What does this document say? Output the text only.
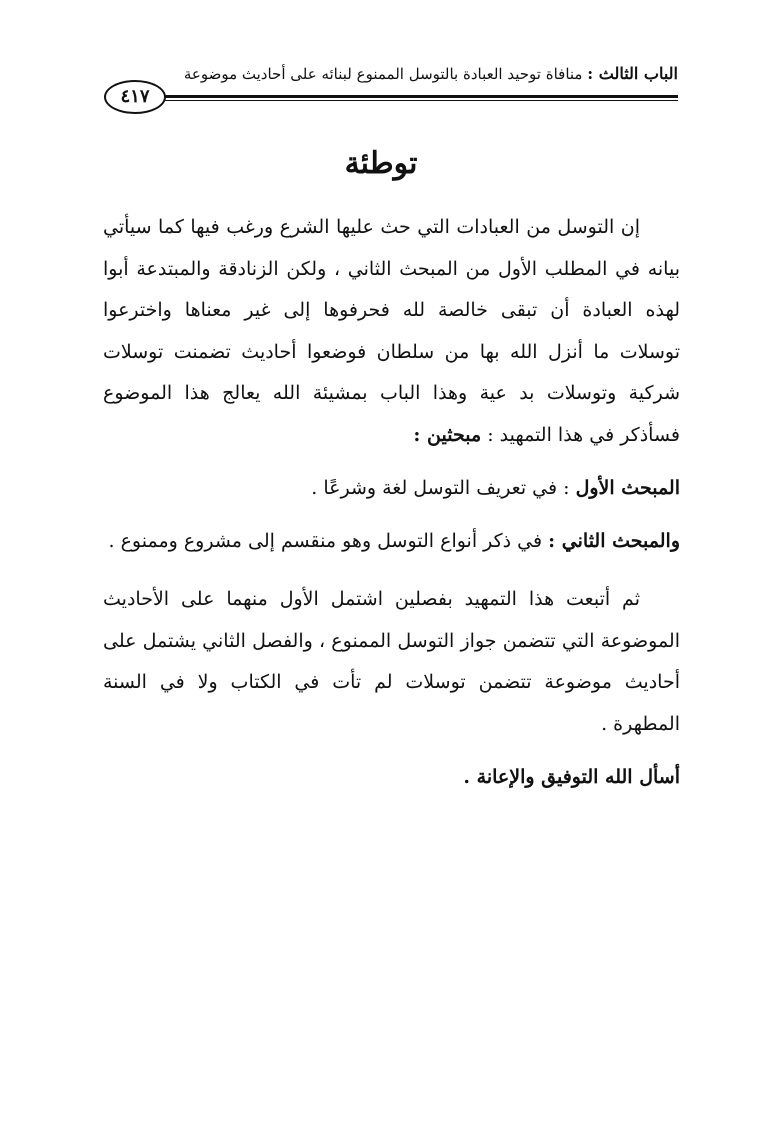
الباب الثالث : منافاة توحيد العبادة بالتوسل الممنوع لبنائه على أحاديث موضوعة
٤١٧
توطئة
إن التوسل من العبادات التي حث عليها الشرع ورغب فيها كما سيأتي
بيانه في المطلب الأول من المبحث الثاني ، ولكن الزنادقة والمبتدعة أبوا
لهذه العبادة أن تبقى خالصة لله فحرفوها إلى غير معناها واخترعوا
توسلات ما أنزل الله بها من سلطان فوضعوا أحاديث تضمنت توسلات
شركية وتوسلات بد عية وهذا الباب بمشيئة الله يعالج هذا الموضوع
فسأذكر في هذا التمهيد : مبحثين :
المبحث الأول : في تعريف التوسل لغة وشرعًا .
والمبحث الثاني : في ذكر أنواع التوسل وهو منقسم إلى مشروع وممنوع .
ثم أتبعت هذا التمهيد بفصلين اشتمل الأول منهما على الأحاديث
الموضوعة التي تتضمن جواز التوسل الممنوع ، والفصل الثاني يشتمل على
أحاديث موضوعة تتضمن توسلات لم تأت في الكتاب ولا في السنة
المطهرة .
أسأل الله التوفيق والإعانة .
